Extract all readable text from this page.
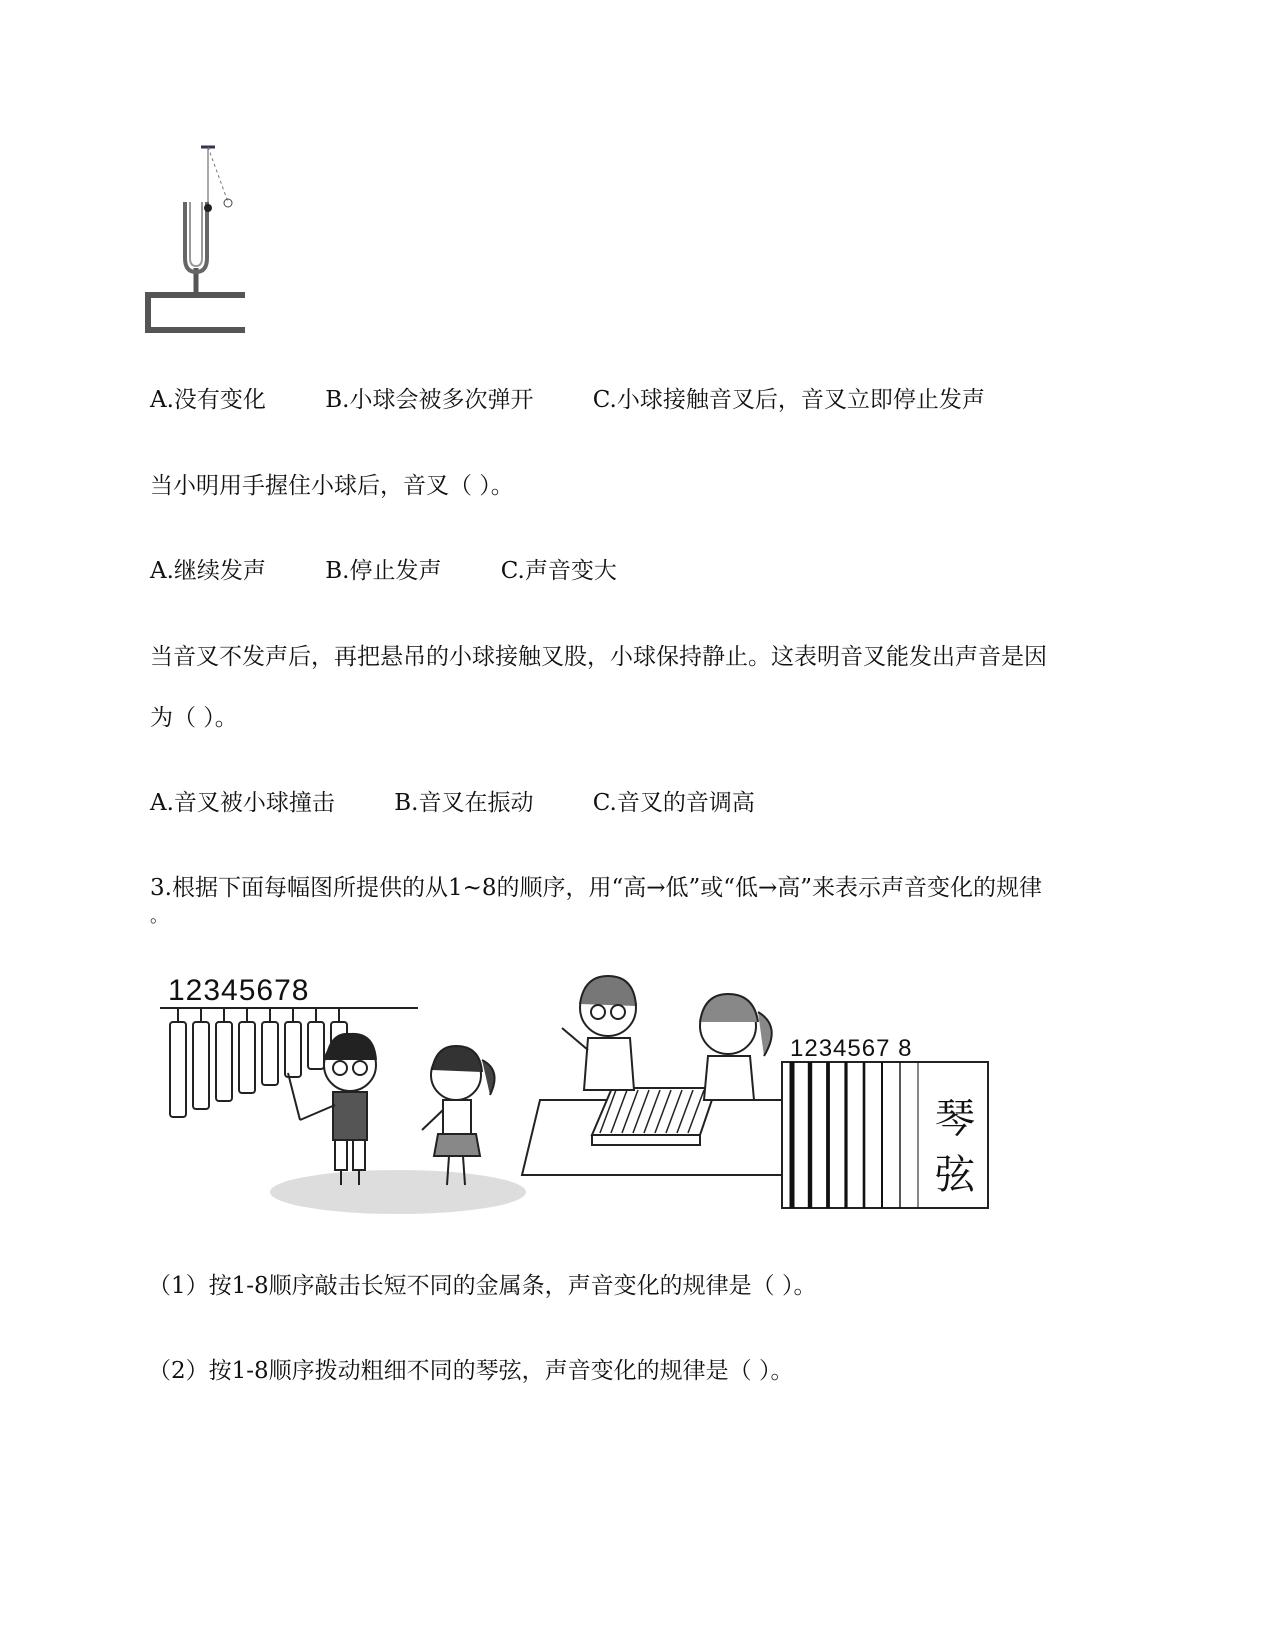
A.没有变化	B.小球会被多次弹开	C.小球接触音叉后，音叉立即停止发声
当小明用手握住小球后，音叉（ ）。
A.继续发声	B.停止发声	C.声音变大
当音叉不发声后，再把悬吊的小球接触叉股，小球保持静止。这表明音叉能发出声音是因
为（ ）。
A.音叉被小球撞击	B.音叉在振动	C.音叉的音调高
3.根据下面每幅图所提供的从1~8的顺序，用“高→低”或“低→高”来表示声音变化的规律
。
12345678
1234567 8
琴
弦
（1）按1-8顺序敲击长短不同的金属条，声音变化的规律是（ ）。
（2）按1-8顺序拨动粗细不同的琴弦，声音变化的规律是（ ）。
